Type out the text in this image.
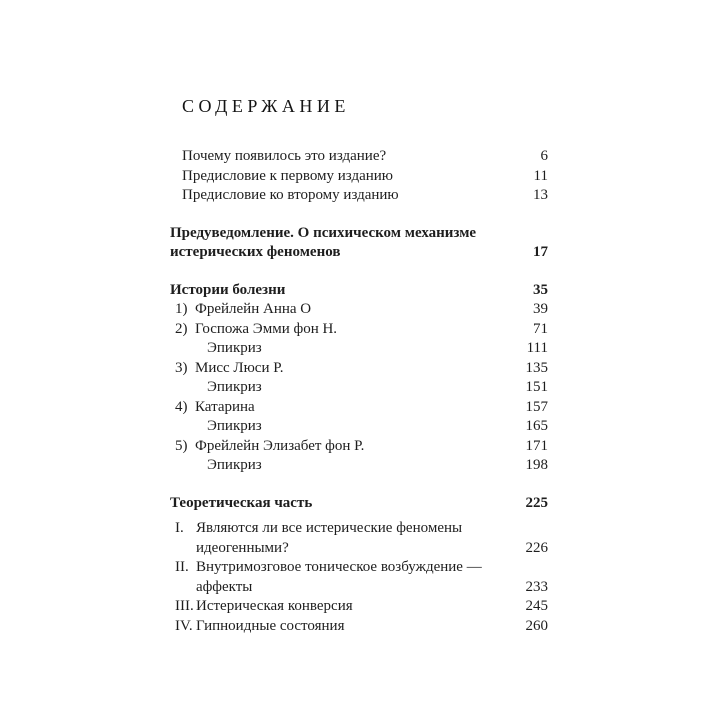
СОДЕРЖАНИЕ
Почему появилось это издание?	6
Предисловие к первому изданию	11
Предисловие ко второму изданию	13
Предуведомление. О психическом механизме истерических феноменов	17
Истории болезни	35
1) Фрейлейн Анна О	39
2) Госпожа Эмми фон Н.	71
Эпикриз	111
3) Мисс Люси Р.	135
Эпикриз	151
4) Катарина	157
Эпикриз	165
5) Фрейлейн Элизабет фон Р.	171
Эпикриз	198
Теоретическая часть	225
I. Являются ли все истерические феномены идеогенными?	226
II. Внутримозговое тоническое возбуждение — аффекты	233
III. Истерическая конверсия	245
IV. Гипноидные состояния	260
